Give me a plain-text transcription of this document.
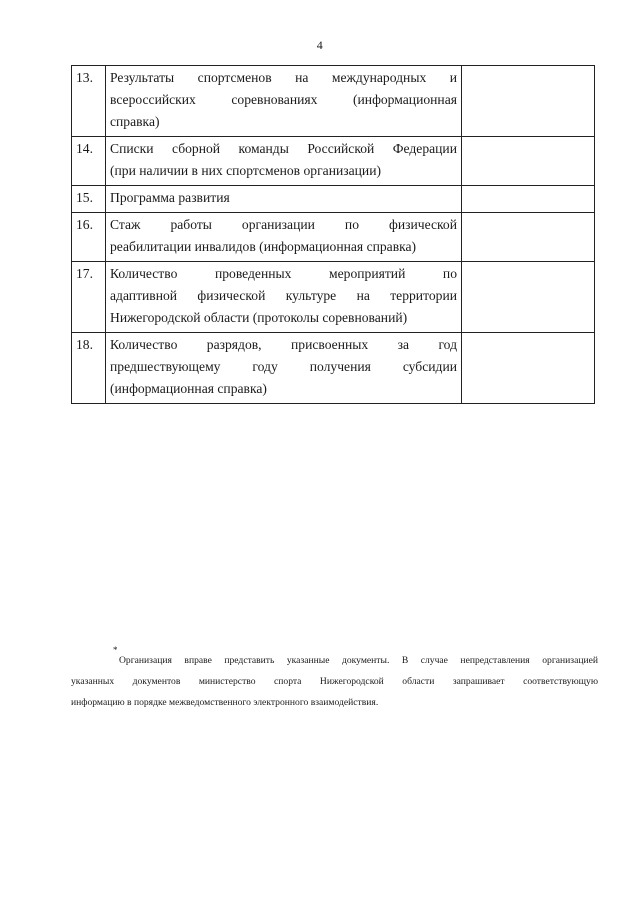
4
13.	Результаты спортсменов на международных и
всероссийских соревнованиях (информационная
справка)	

14.	Списки сборной команды Российской Федерации
(при наличии в них спортсменов организации)	

15.	Программа развития	

16.	Стаж работы организации по физической
реабилитации инвалидов (информационная справка)	

17.	Количество проведенных мероприятий по
адаптивной физической культуре на территории
Нижегородской области (протоколы соревнований)	

18.	Количество разрядов, присвоенных за год
предшествующему году получения субсидии
(информационная справка)	

*
Организация вправе представить указанные документы. В случае непредставления организацией
указанных документов министерство спорта Нижегородской области запрашивает соответствующую
информацию в порядке межведомственного электронного взаимодействия.
